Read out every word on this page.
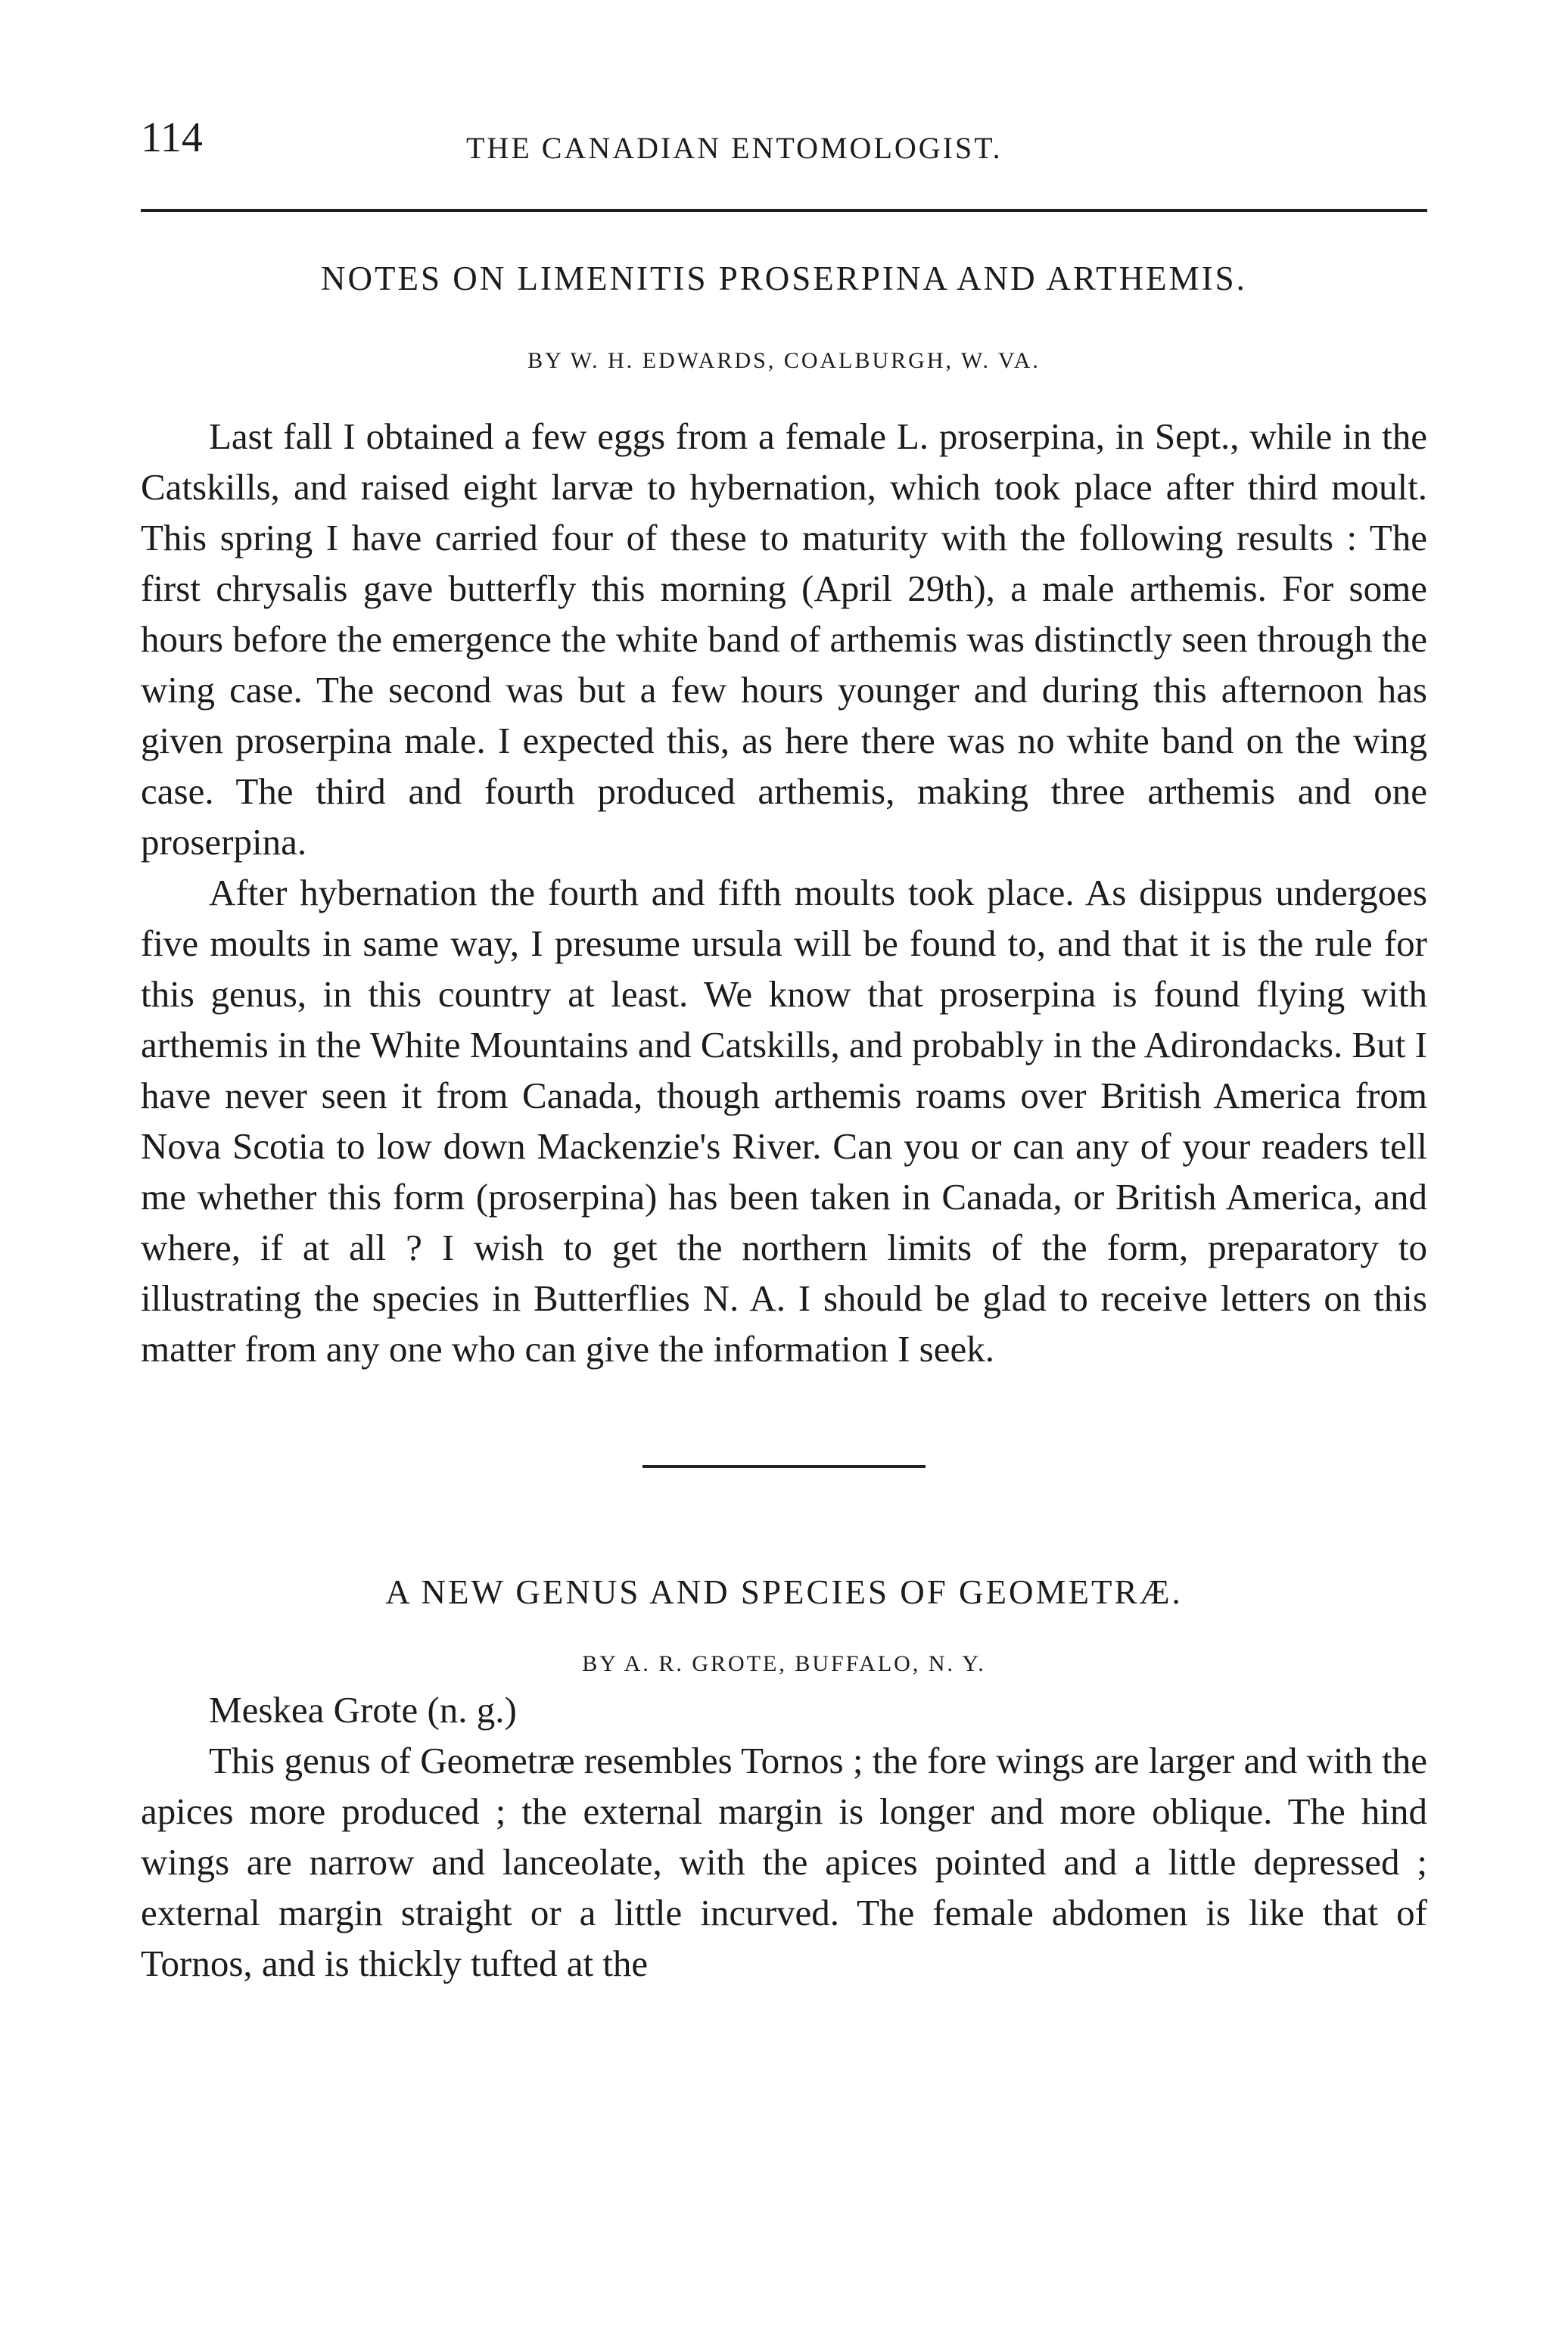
114	THE CANADIAN ENTOMOLOGIST.
NOTES ON LIMENITIS PROSERPINA AND ARTHEMIS.
BY W. H. EDWARDS, COALBURGH, W. VA.

Last fall I obtained a few eggs from a female L. proserpina, in Sept., while in the Catskills, and raised eight larvæ to hybernation, which took place after third moult. This spring I have carried four of these to maturity with the following results : The first chrysalis gave butterfly this morning (April 29th), a male arthemis. For some hours before the emergence the white band of arthemis was distinctly seen through the wing case. The second was but a few hours younger and during this afternoon has given proserpina male. I expected this, as here there was no white band on the wing case. The third and fourth produced arthemis, making three arthemis and one proserpina.

After hybernation the fourth and fifth moults took place. As disippus undergoes five moults in same way, I presume ursula will be found to, and that it is the rule for this genus, in this country at least. We know that proserpina is found flying with arthemis in the White Mountains and Catskills, and probably in the Adirondacks. But I have never seen it from Canada, though arthemis roams over British America from Nova Scotia to low down Mackenzie's River. Can you or can any of your readers tell me whether this form (proserpina) has been taken in Canada, or British America, and where, if at all ? I wish to get the northern limits of the form, preparatory to illustrating the species in Butterflies N. A. I should be glad to receive letters on this matter from any one who can give the information I seek.

A NEW GENUS AND SPECIES OF GEOMETRÆ.
BY A. R. GROTE, BUFFALO, N. Y.

Meskea Grote (n. g.)

This genus of Geometræ resembles Tornos ; the fore wings are larger and with the apices more produced ; the external margin is longer and more oblique. The hind wings are narrow and lanceolate, with the apices pointed and a little depressed ; external margin straight or a little incurved. The female abdomen is like that of Tornos, and is thickly tufted at the
